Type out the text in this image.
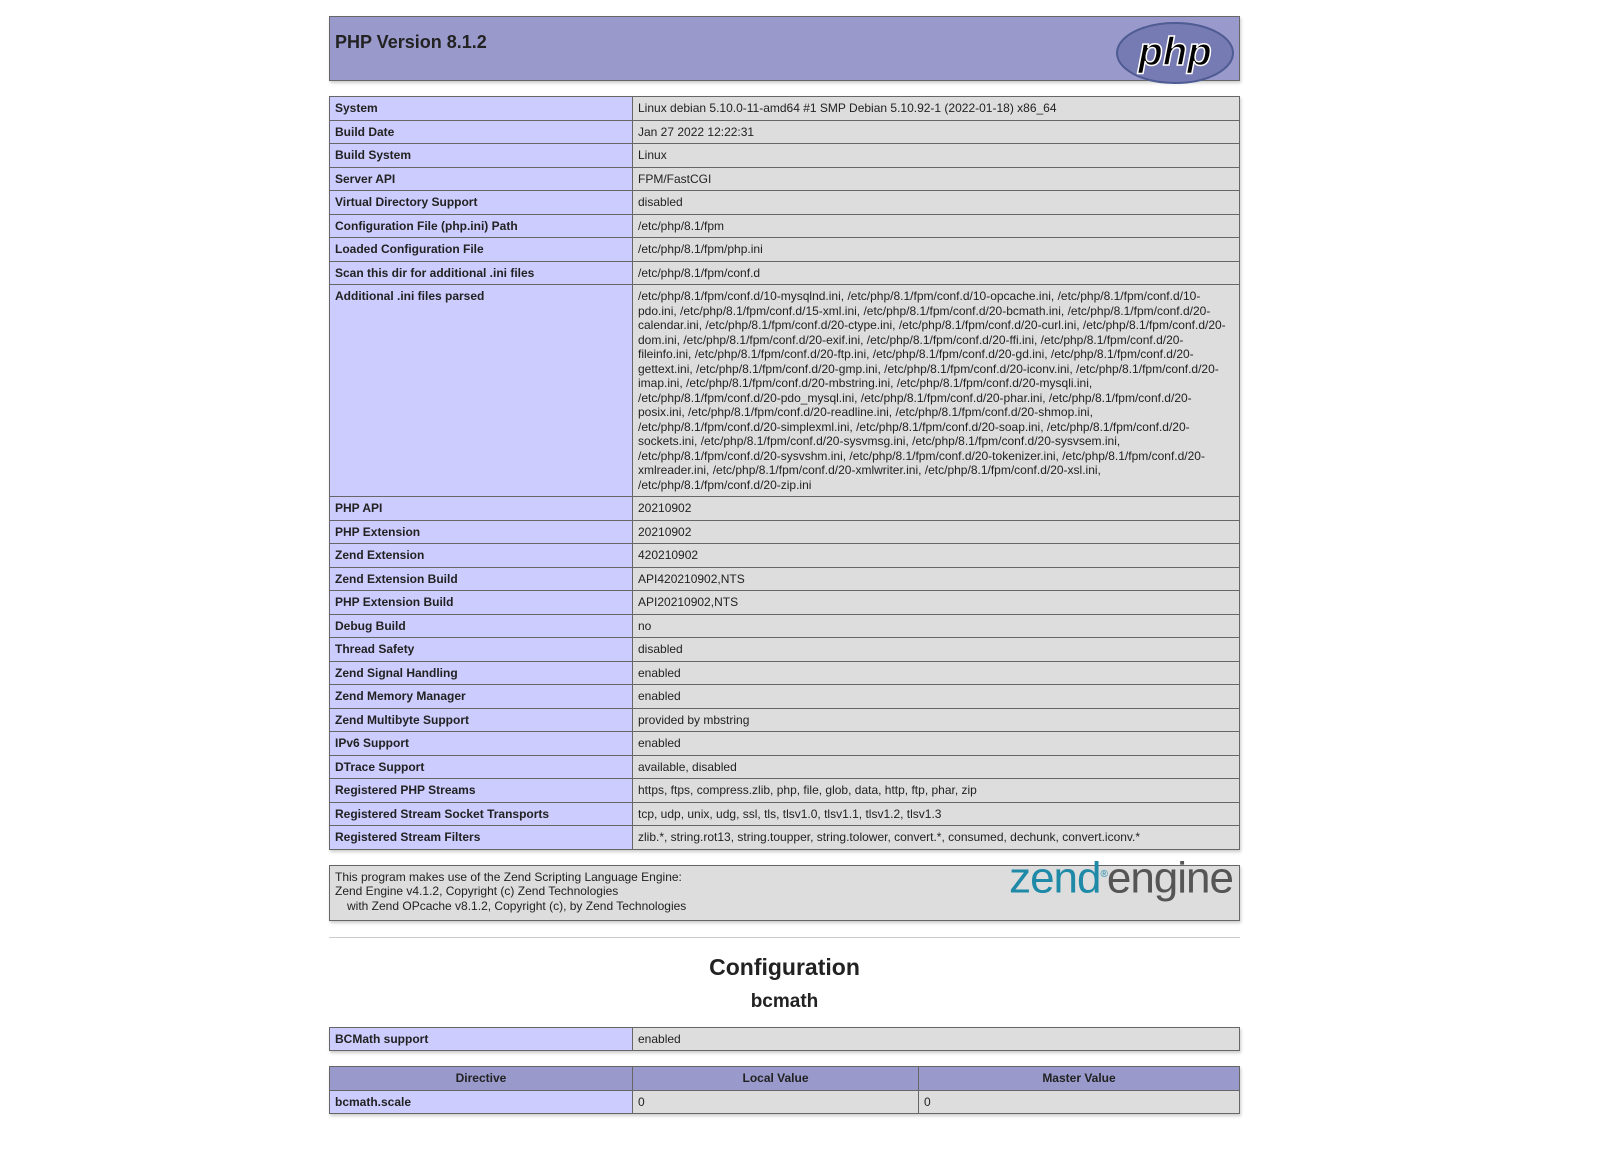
php
PHP Version 8.1.2
System	Linux debian 5.10.0-11-amd64 #1 SMP Debian 5.10.92-1 (2022-01-18) x86_64
Build Date	Jan 27 2022 12:22:31
Build System	Linux
Server API	FPM/FastCGI
Virtual Directory Support	disabled
Configuration File (php.ini) Path	/etc/php/8.1/fpm
Loaded Configuration File	/etc/php/8.1/fpm/php.ini
Scan this dir for additional .ini files	/etc/php/8.1/fpm/conf.d
Additional .ini files parsed	/etc/php/8.1/fpm/conf.d/10-mysqlnd.ini, /etc/php/8.1/fpm/conf.d/10-opcache.ini, /etc/php/8.1/fpm/conf.d/10-pdo.ini, /etc/php/8.1/fpm/conf.d/15-xml.ini, /etc/php/8.1/fpm/conf.d/20-bcmath.ini, /etc/php/8.1/fpm/conf.d/20-calendar.ini, /etc/php/8.1/fpm/conf.d/20-ctype.ini, /etc/php/8.1/fpm/conf.d/20-curl.ini, /etc/php/8.1/fpm/conf.d/20-dom.ini, /etc/php/8.1/fpm/conf.d/20-exif.ini, /etc/php/8.1/fpm/conf.d/20-ffi.ini, /etc/php/8.1/fpm/conf.d/20-fileinfo.ini, /etc/php/8.1/fpm/conf.d/20-ftp.ini, /etc/php/8.1/fpm/conf.d/20-gd.ini, /etc/php/8.1/fpm/conf.d/20-gettext.ini, /etc/php/8.1/fpm/conf.d/20-gmp.ini, /etc/php/8.1/fpm/conf.d/20-iconv.ini, /etc/php/8.1/fpm/conf.d/20-imap.ini, /etc/php/8.1/fpm/conf.d/20-mbstring.ini, /etc/php/8.1/fpm/conf.d/20-mysqli.ini, /etc/php/8.1/fpm/conf.d/20-pdo_mysql.ini, /etc/php/8.1/fpm/conf.d/20-phar.ini, /etc/php/8.1/fpm/conf.d/20-posix.ini, /etc/php/8.1/fpm/conf.d/20-readline.ini, /etc/php/8.1/fpm/conf.d/20-shmop.ini, /etc/php/8.1/fpm/conf.d/20-simplexml.ini, /etc/php/8.1/fpm/conf.d/20-soap.ini, /etc/php/8.1/fpm/conf.d/20-sockets.ini, /etc/php/8.1/fpm/conf.d/20-sysvmsg.ini, /etc/php/8.1/fpm/conf.d/20-sysvsem.ini, /etc/php/8.1/fpm/conf.d/20-sysvshm.ini, /etc/php/8.1/fpm/conf.d/20-tokenizer.ini, /etc/php/8.1/fpm/conf.d/20-xmlreader.ini, /etc/php/8.1/fpm/conf.d/20-xmlwriter.ini, /etc/php/8.1/fpm/conf.d/20-xsl.ini, /etc/php/8.1/fpm/conf.d/20-zip.ini
PHP API	20210902
PHP Extension	20210902
Zend Extension	420210902
Zend Extension Build	API420210902,NTS
PHP Extension Build	API20210902,NTS
Debug Build	no
Thread Safety	disabled
Zend Signal Handling	enabled
Zend Memory Manager	enabled
Zend Multibyte Support	provided by mbstring
IPv6 Support	enabled
DTrace Support	available, disabled
Registered PHP Streams	https, ftps, compress.zlib, php, file, glob, data, http, ftp, phar, zip
Registered Stream Socket Transports	tcp, udp, unix, udg, ssl, tls, tlsv1.0, tlsv1.1, tlsv1.2, tlsv1.3
Registered Stream Filters	zlib.*, string.rot13, string.toupper, string.tolower, convert.*, consumed, dechunk, convert.iconv.*
zend®engine
This program makes use of the Zend Scripting Language Engine:
Zend Engine v4.1.2, Copyright (c) Zend Technologies
with Zend OPcache v8.1.2, Copyright (c), by Zend Technologies
Configuration
bcmath
BCMath support	enabled
Directive	Local Value	Master Value
bcmath.scale	0	0
